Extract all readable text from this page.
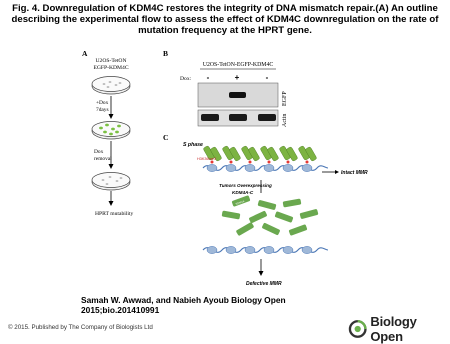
Fig. 4. Downregulation of KDM4C restores the integrity of DNA mismatch repair.(A) An outline describing the experimental flow to assess the effect of KDM4C downregulation on the rate of mutation frequency at the HPRT gene.
A
U2OS-TetON
EGFP-KDM4C
+Dox
7days
Dox
removal
HPRT mutability
B
U2OS-TetON-EGFP-KDM4C
Dox: -	+	-
EGFP
Actin
C
S phase
H3K36me3
Intact MMR
Tumors Overexpressing
KDM4A-C
KDM4A
Defective MMR
Samah W. Awwad, and Nabieh Ayoub Biology Open
2015;bio.201410991
© 2015. Published by The Company of Biologists Ltd	Biology Open
